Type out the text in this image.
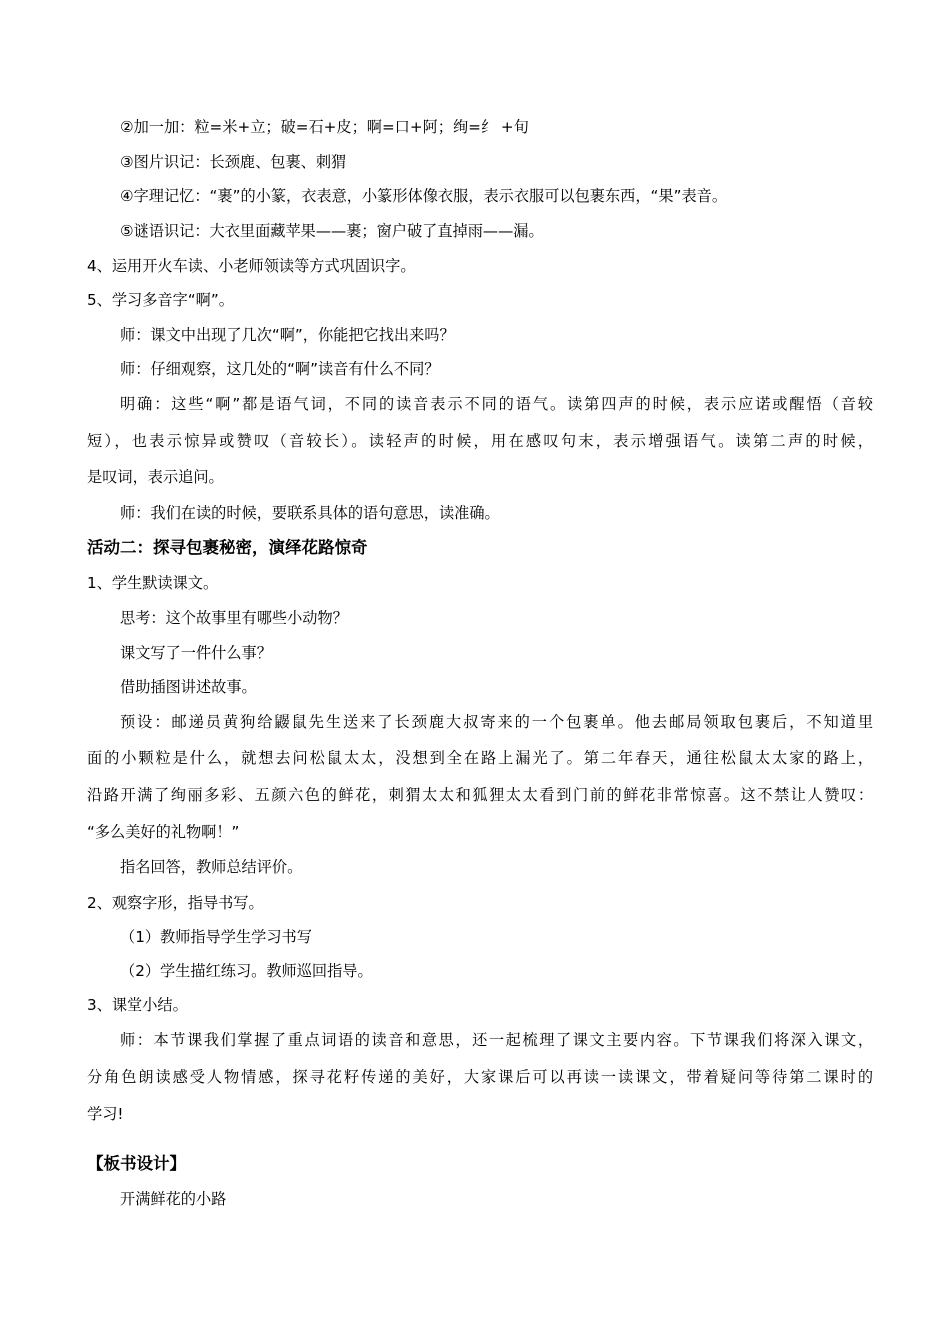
②加一加：粒=米+立；破=石+皮；啊=口+阿；绚=纟 +旬
③图片识记：长颈鹿、包裹、刺猬
④字理记忆：“裹”的小篆，衣表意，小篆形体像衣服，表示衣服可以包裹东西，“果”表音。
⑤谜语识记：大衣里面藏苹果——裹；窗户破了直掉雨——漏。
4、运用开火车读、小老师领读等方式巩固识字。
5、学习多音字“啊”。
师：课文中出现了几次“啊”，你能把它找出来吗？
师：仔细观察，这几处的“啊”读音有什么不同？
明确：这些“啊”都是语气词，不同的读音表示不同的语气。读第四声的时候，表示应诺或醒悟（音较
短），也表示惊异或赞叹（音较长）。读轻声的时候，用在感叹句末，表示增强语气。读第二声的时候，
是叹词，表示追问。
师：我们在读的时候，要联系具体的语句意思，读准确。
活动二：探寻包裹秘密，演绎花路惊奇
1、学生默读课文。
思考：这个故事里有哪些小动物？
课文写了一件什么事？
借助插图讲述故事。
预设：邮递员黄狗给鼹鼠先生送来了长颈鹿大叔寄来的一个包裹单。他去邮局领取包裹后，不知道里
面的小颗粒是什么，就想去问松鼠太太，没想到全在路上漏光了。第二年春天，通往松鼠太太家的路上，
沿路开满了绚丽多彩、五颜六色的鲜花，刺猬太太和狐狸太太看到门前的鲜花非常惊喜。这不禁让人赞叹：
“多么美好的礼物啊！”
指名回答，教师总结评价。
2、观察字形，指导书写。
（1）教师指导学生学习书写
（2）学生描红练习。教师巡回指导。
3、课堂小结。
师：本节课我们掌握了重点词语的读音和意思，还一起梳理了课文主要内容。下节课我们将深入课文，
分角色朗读感受人物情感，探寻花籽传递的美好，大家课后可以再读一读课文，带着疑问等待第二课时的
学习!
【板书设计】
开满鲜花的小路
